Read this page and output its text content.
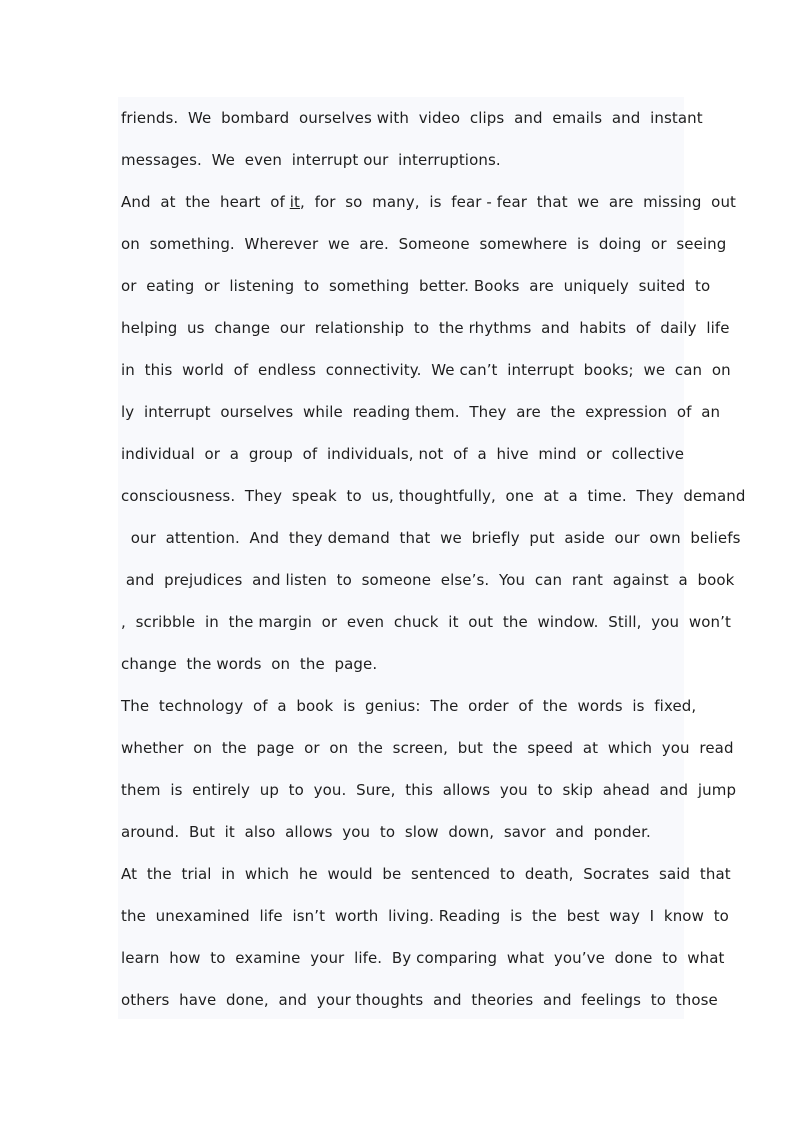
friends.  We  bombard  ourselves with  video  clips  and  emails  and  instant
messages.  We  even  interrupt our  interruptions.
And  at  the  heart  of it,  for  so  many,  is  fear - fear  that  we  are  missing  out
on  something.  Wherever  we  are.  Someone  somewhere  is  doing  or  seeing
or  eating  or  listening  to  something  better. Books  are  uniquely  suited  to
helping  us  change  our  relationship  to  the rhythms  and  habits  of  daily  life
in  this  world  of  endless  connectivity.  We can’t  interrupt  books;  we  can  on
ly  interrupt  ourselves  while  reading them.  They  are  the  expression  of  an
individual  or  a  group  of  individuals, not  of  a  hive  mind  or  collective
consciousness.  They  speak  to  us, thoughtfully,  one  at  a  time.  They  demand
our  attention.  And  they demand  that  we  briefly  put  aside  our  own  beliefs
and  prejudices  and listen  to  someone  else’s.  You  can  rant  against  a  book
,  scribble  in  the margin  or  even  chuck  it  out  the  window.  Still,  you  won’t
change  the words  on  the  page.
The  technology  of  a  book  is  genius:  The  order  of  the  words  is  fixed,
whether  on  the  page  or  on  the  screen,  but  the  speed  at  which  you  read
them  is  entirely  up  to  you.  Sure,  this  allows  you  to  skip  ahead  and  jump
around.  But  it  also  allows  you  to  slow  down,  savor  and  ponder.
At  the  trial  in  which  he  would  be  sentenced  to  death,  Socrates  said  that
the  unexamined  life  isn’t  worth  living. Reading  is  the  best  way  I  know  to
learn  how  to  examine  your  life.  By comparing  what  you’ve  done  to  what
others  have  done,  and  your thoughts  and  theories  and  feelings  to  those
